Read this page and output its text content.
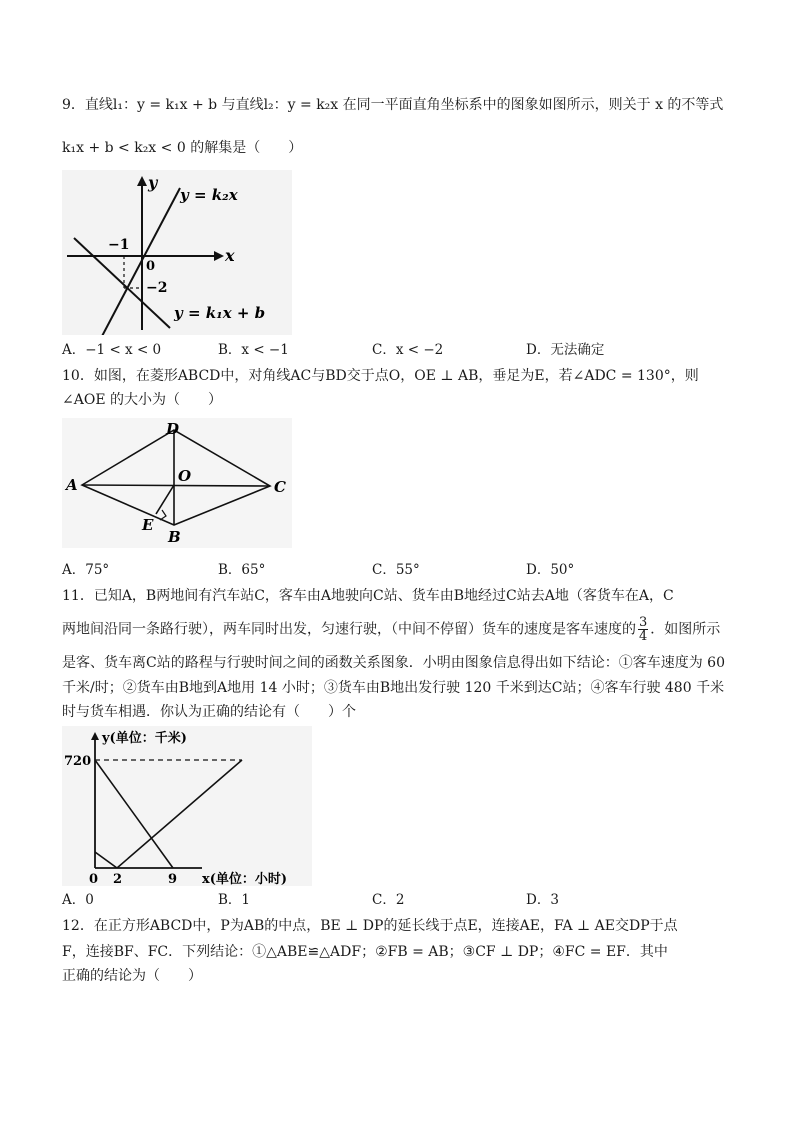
9．直线l₁：y = k₁x + b 与直线l₂：y = k₂x 在同一平面直角坐标系中的图象如图所示，则关于 x 的不等式
k₁x + b < k₂x < 0 的解集是（　　）
y
x
0
−1
−2
y = k₂x
y = k₁x + b
A．−1 < x < 0	B．x < −1	C．x < −2	D．无法确定
10．如图，在菱形ABCD中，对角线AC与BD交于点O，OE ⊥ AB，垂足为E，若∠ADC = 130°，则
∠AOE 的大小为（　　）
A
D
C
O
E
B
A．75°	B．65°	C．55°	D．50°
11．已知A，B两地间有汽车站C，客车由A地驶向C站、货车由B地经过C站去A地（客货车在A，C
两地间沿同一条路行驶），两车同时出发，匀速行驶，（中间不停留）货车的速度是客车速度的 $\frac{3}{4}$ ．如图所示
是客、货车离C站的路程与行驶时间之间的函数关系图象．小明由图象信息得出如下结论：①客车速度为 60
千米/时；②货车由B地到A地用 14 小时；③货车由B地出发行驶 120 千米到达C站；④客车行驶 480 千米
时与货车相遇．你认为正确的结论有（　　）个
y(单位：千米)
720
0 2	9 x(单位：小时)
A．0	B．1	C．2	D．3
12．在正方形ABCD中，P为AB的中点，BE ⊥ DP的延长线于点E，连接AE，FA ⊥ AE交DP于点
F，连接BF、FC．下列结论：①△ABE≌△ADF；②FB = AB；③CF ⊥ DP；④FC = EF．其中
正确的结论为（　　）
